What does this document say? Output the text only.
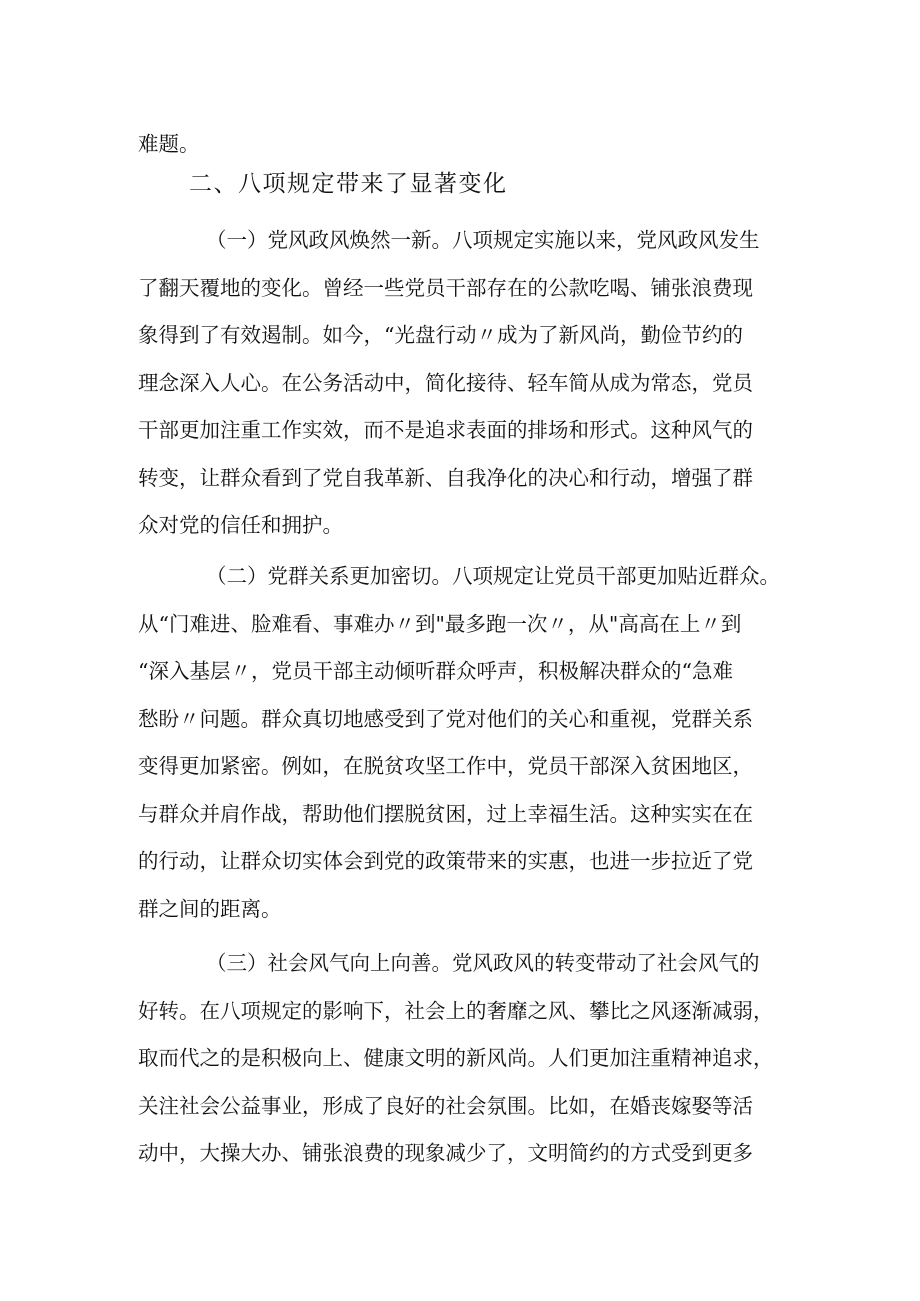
难题。
二、八项规定带来了显著变化
（一）党风政风焕然一新。八项规定实施以来，党风政风发生
了翻天覆地的变化。曾经一些党员干部存在的公款吃喝、铺张浪费现
象得到了有效遏制。如今，“光盘行动〃成为了新风尚，勤俭节约的
理念深入人心。在公务活动中，简化接待、轻车简从成为常态，党员
干部更加注重工作实效，而不是追求表面的排场和形式。这种风气的
转变，让群众看到了党自我革新、自我净化的决心和行动，增强了群
众对党的信任和拥护。
（二）党群关系更加密切。八项规定让党员干部更加贴近群众。
从“门难进、脸难看、事难办〃到"最多跑一次〃，从"高高在上〃到
“深入基层〃，党员干部主动倾听群众呼声，积极解决群众的“急难
愁盼〃问题。群众真切地感受到了党对他们的关心和重视，党群关系
变得更加紧密。例如，在脱贫攻坚工作中，党员干部深入贫困地区，
与群众并肩作战，帮助他们摆脱贫困，过上幸福生活。这种实实在在
的行动，让群众切实体会到党的政策带来的实惠，也进一步拉近了党
群之间的距离。
（三）社会风气向上向善。党风政风的转变带动了社会风气的
好转。在八项规定的影响下，社会上的奢靡之风、攀比之风逐渐减弱，
取而代之的是积极向上、健康文明的新风尚。人们更加注重精神追求，
关注社会公益事业，形成了良好的社会氛围。比如，在婚丧嫁娶等活
动中，大操大办、铺张浪费的现象减少了，文明简约的方式受到更多
